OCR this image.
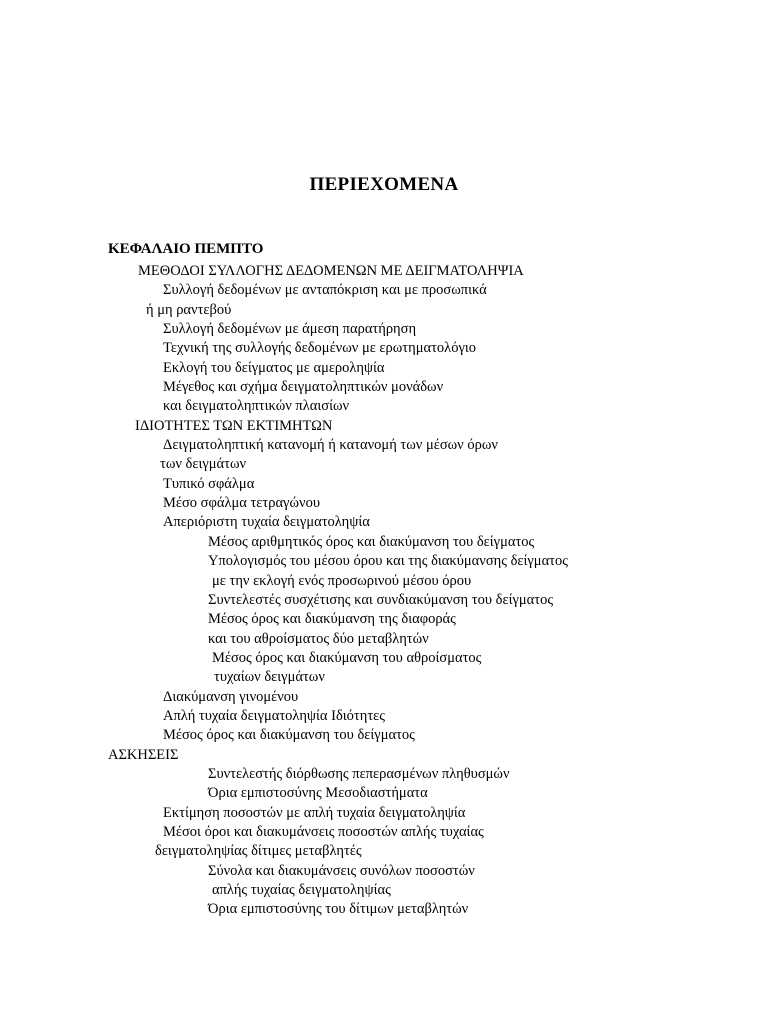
ΠΕΡΙΕΧΟΜΕΝΑ
ΚΕΦΑΛΑΙΟ ΠΕΜΠΤΟ
ΜΕΘΟΔΟΙ ΣΥΛΛΟΓΗΣ ΔΕΔΟΜΕΝΩΝ ΜΕ ΔΕΙΓΜΑΤΟΛΗΨΙΑ
Συλλογή δεδομένων με ανταπόκριση και με προσωπικά
ή μη ραντεβού
Συλλογή δεδομένων με άμεση παρατήρηση
Τεχνική της συλλογής δεδομένων με ερωτηματολόγιο
Εκλογή του δείγματος με αμεροληψία
Μέγεθος και σχήμα δειγματοληπτικών μονάδων
και δειγματοληπτικών πλαισίων
ΙΔΙΟΤΗΤΕΣ ΤΩΝ ΕΚΤΙΜΗΤΩΝ
Δειγματοληπτική κατανομή ή κατανομή των μέσων όρων
των δειγμάτων
Τυπικό σφάλμα
Μέσο σφάλμα τετραγώνου
Απεριόριστη τυχαία δειγματοληψία
Μέσος αριθμητικός όρος και διακύμανση του δείγματος
Υπολογισμός του μέσου όρου και της διακύμανσης δείγματος
με την εκλογή ενός προσωρινού μέσου όρου
Συντελεστές συσχέτισης και συνδιακύμανση του δείγματος
Μέσος όρος και διακύμανση της διαφοράς
και του αθροίσματος δύο μεταβλητών
Μέσος όρος και διακύμανση του αθροίσματος
τυχαίων δειγμάτων
Διακύμανση γινομένου
Απλή τυχαία δειγματοληψία Ιδιότητες
Μέσος όρος και διακύμανση του δείγματος
ΑΣΚΗΣΕΙΣ
Συντελεστής διόρθωσης πεπερασμένων πληθυσμών
Όρια εμπιστοσύνης Μεσοδιαστήματα
Εκτίμηση ποσοστών με απλή τυχαία δειγματοληψία
Μέσοι όροι και διακυμάνσεις ποσοστών απλής τυχαίας
δειγματοληψίας δίτιμες μεταβλητές
Σύνολα και διακυμάνσεις συνόλων ποσοστών
απλής τυχαίας δειγματοληψίας
Όρια εμπιστοσύνης του δίτιμων μεταβλητών
